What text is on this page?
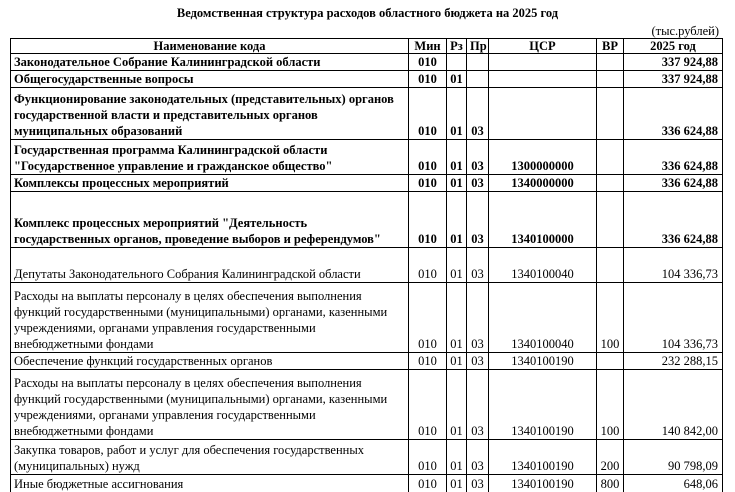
Ведомственная структура расходов областного бюджета на 2025 год
(тыс.рублей)
Наименование кода	Мин	Рз	Пр	ЦСР	ВР	2025 год
Законодательное Собрание Калининградской области	010					337 924,88
Общегосударственные вопросы	010	01				337 924,88
Функционирование законодательных (представительных) органов государственной власти и представительных органов муниципальных образований	010	01	03			336 624,88
Государственная программа Калининградской области "Государственное управление и гражданское общество"	010	01	03	1300000000		336 624,88
Комплексы процессных мероприятий	010	01	03	1340000000		336 624,88
Комплекс процессных мероприятий "Деятельность государственных органов, проведение выборов и референдумов"	010	01	03	1340100000		336 624,88
Депутаты Законодательного Собрания Калининградской области	010	01	03	1340100040		104 336,73
Расходы на выплаты персоналу в целях обеспечения выполнения функций государственными (муниципальными) органами, казенными учреждениями, органами управления государственными внебюджетными фондами	010	01	03	1340100040	100	104 336,73
Обеспечение функций государственных органов	010	01	03	1340100190		232 288,15
Расходы на выплаты персоналу в целях обеспечения выполнения функций государственными (муниципальными) органами, казенными учреждениями, органами управления государственными внебюджетными фондами	010	01	03	1340100190	100	140 842,00
Закупка товаров, работ и услуг для обеспечения государственных (муниципальных) нужд	010	01	03	1340100190	200	90 798,09
Иные бюджетные ассигнования	010	01	03	1340100190	800	648,06
